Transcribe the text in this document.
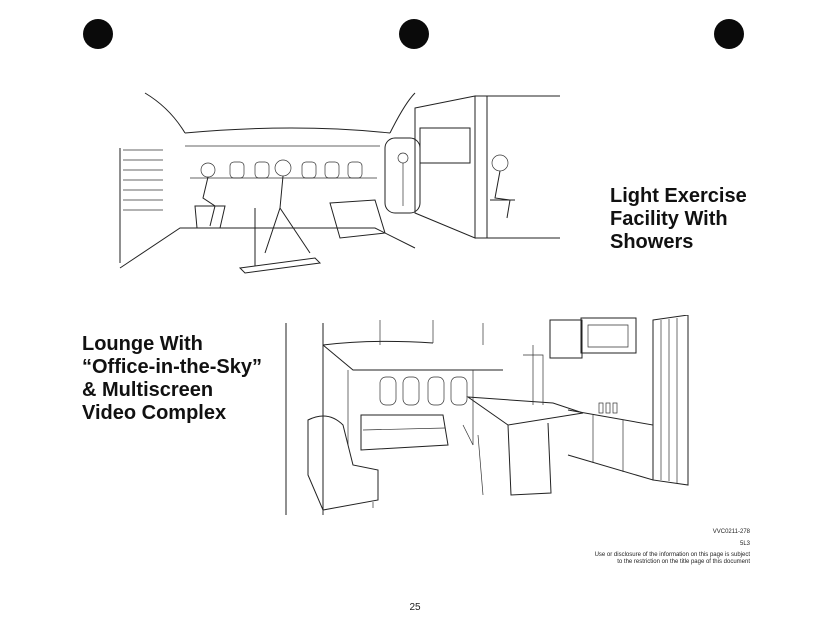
Light Exercise
Facility With
Showers
Lounge With
“Office-in-the-Sky”
& Multiscreen
Video Complex
VVC0211-278
5L3
Use or disclosure of the information on this page is subject
to the restriction on the title page of this document
25
